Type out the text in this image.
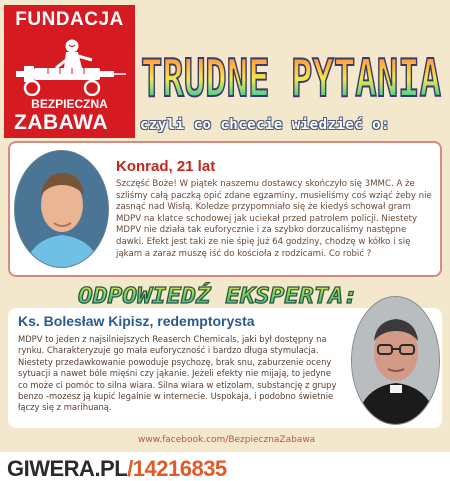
FUNDACJA
BEZPIECZNA
ZABAWA
TRUDNE PYTANIA
czyli co chcecie wiedzieć o:
Konrad, 21 lat
Szczęść Boże! W piątek naszemu dostawcy skończyło się 3MMC. A że szliśmy całą paczką opić zdane egzaminy, musieliśmy coś wziąć żeby nie zasnąć nad Wisłą. Koledze przypomniało się że kiedyś schował gram MDPV na klatce schodowej jak uciekał przed patrolem policji. Niestety MDPV nie działa tak euforycznie i za szybko dorzucaliśmy następne dawki. Efekt jest taki ze nie śpię już 64 godziny, chodzę w kółko i się jąkam a zaraz muszę iść do kościoła z rodzicami. Co robić ?
ODPOWIEDŹ EKSPERTA:
Ks. Bolesław Kipisz, redemptorysta
MDPV to jeden z najsilniejszych Reaserch Chemicals, jaki był dostępny na rynku. Charakteryzuje go mała euforyczność i bardzo długa stymulacja. Niestety przedawkowanie powoduje psychozę, brak snu, zaburzenie oceny sytuacji a nawet bóle mięśni czy jąkanie. Jeżeli efekty nie mijają, to jedyne co może ci pomóc to silna wiara. Silna wiara w etizolam, substancję z grupy benzo -mozesz ją kupić legalnie w internecie. Uspokaja, i podobno świetnie łączy się z marihuaną.
www.facebook.com/BezpiecznaZabawa
GIWERA.PL/14216835
